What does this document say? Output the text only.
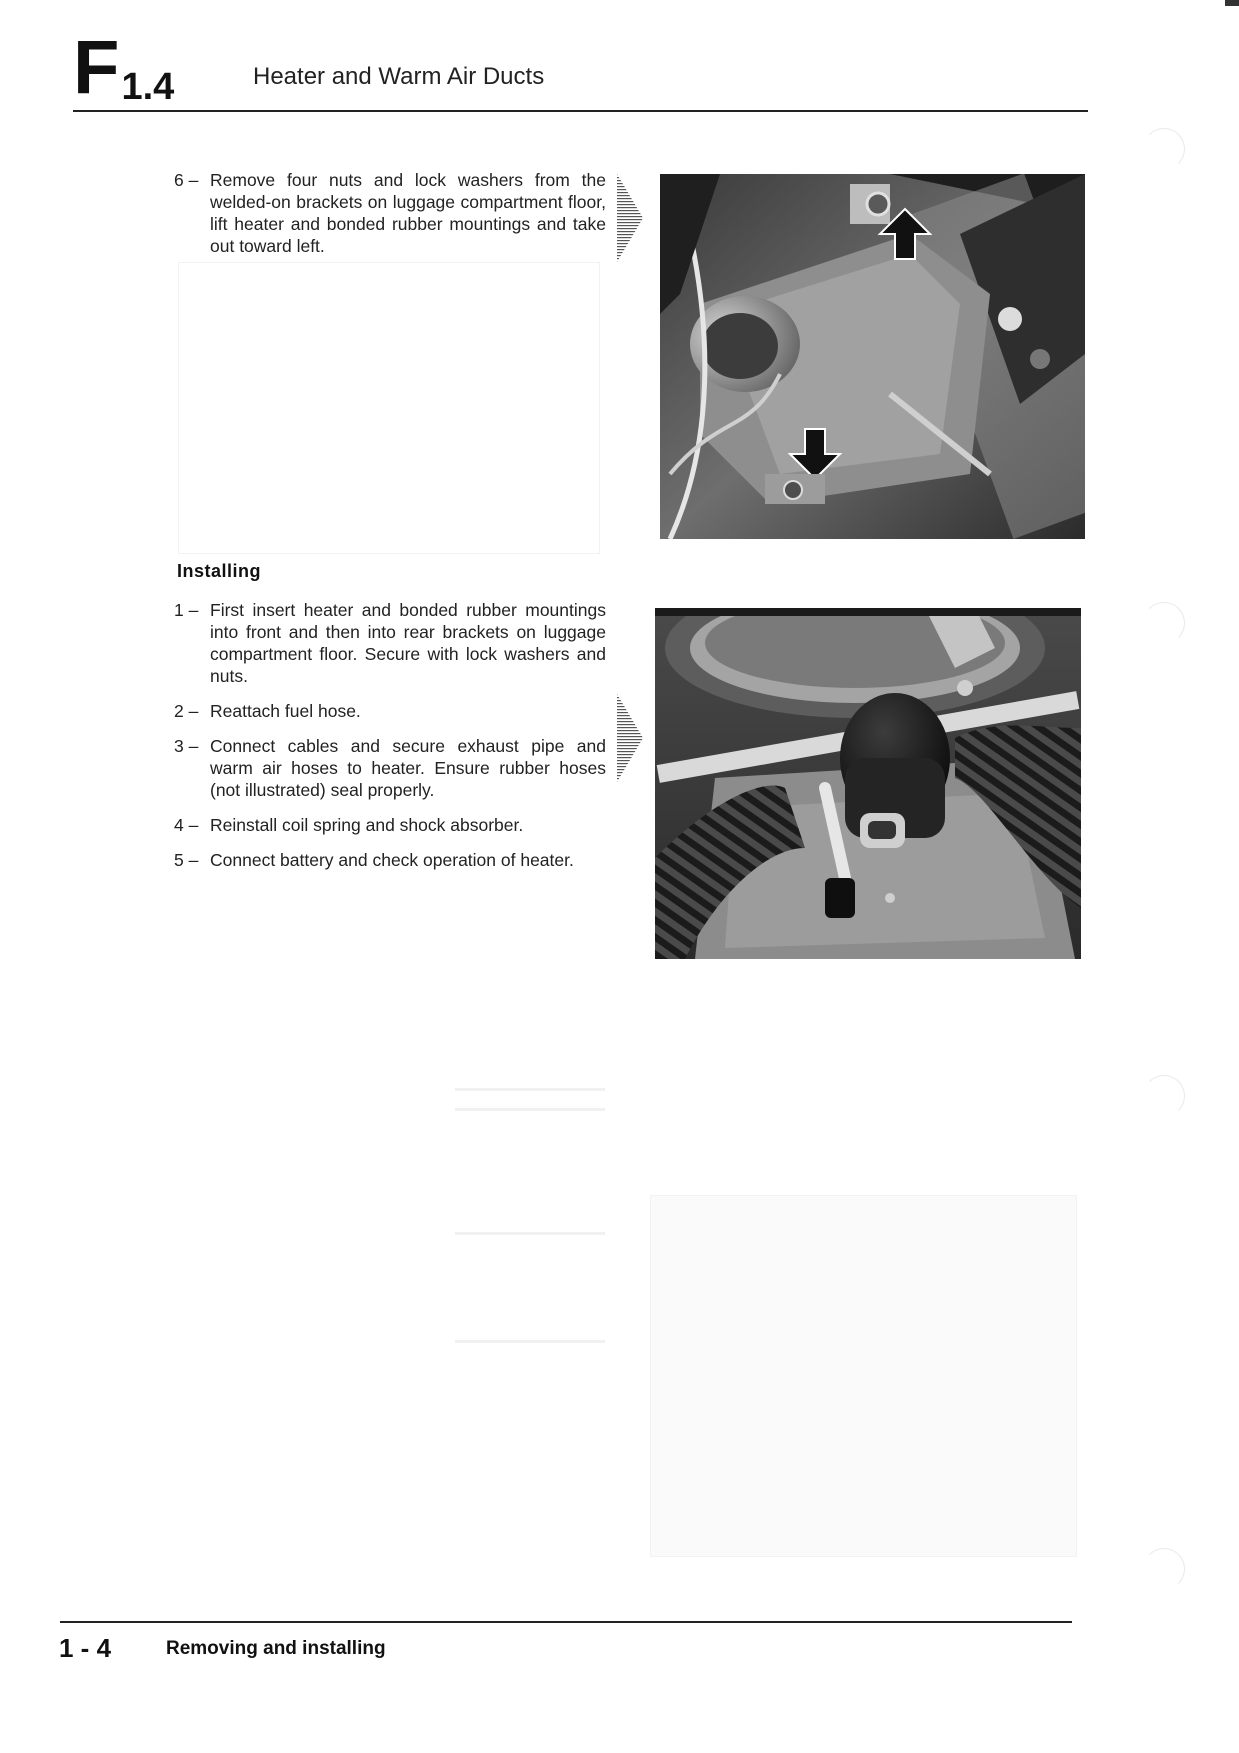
F 1.4	Heater and Warm Air Ducts
6 – Remove four nuts and lock washers from the welded-on brackets on luggage compartment floor, lift heater and bonded rubber mountings and take out toward left.
Installing
1 – First insert heater and bonded rubber mountings into front and then into rear brackets on luggage compartment floor. Secure with lock washers and nuts.
2 – Reattach fuel hose.
3 – Connect cables and secure exhaust pipe and warm air hoses to heater. Ensure rubber hoses (not illustrated) seal properly.
4 – Reinstall coil spring and shock absorber.
5 – Connect battery and check operation of heater.
1 - 4	Removing and installing
